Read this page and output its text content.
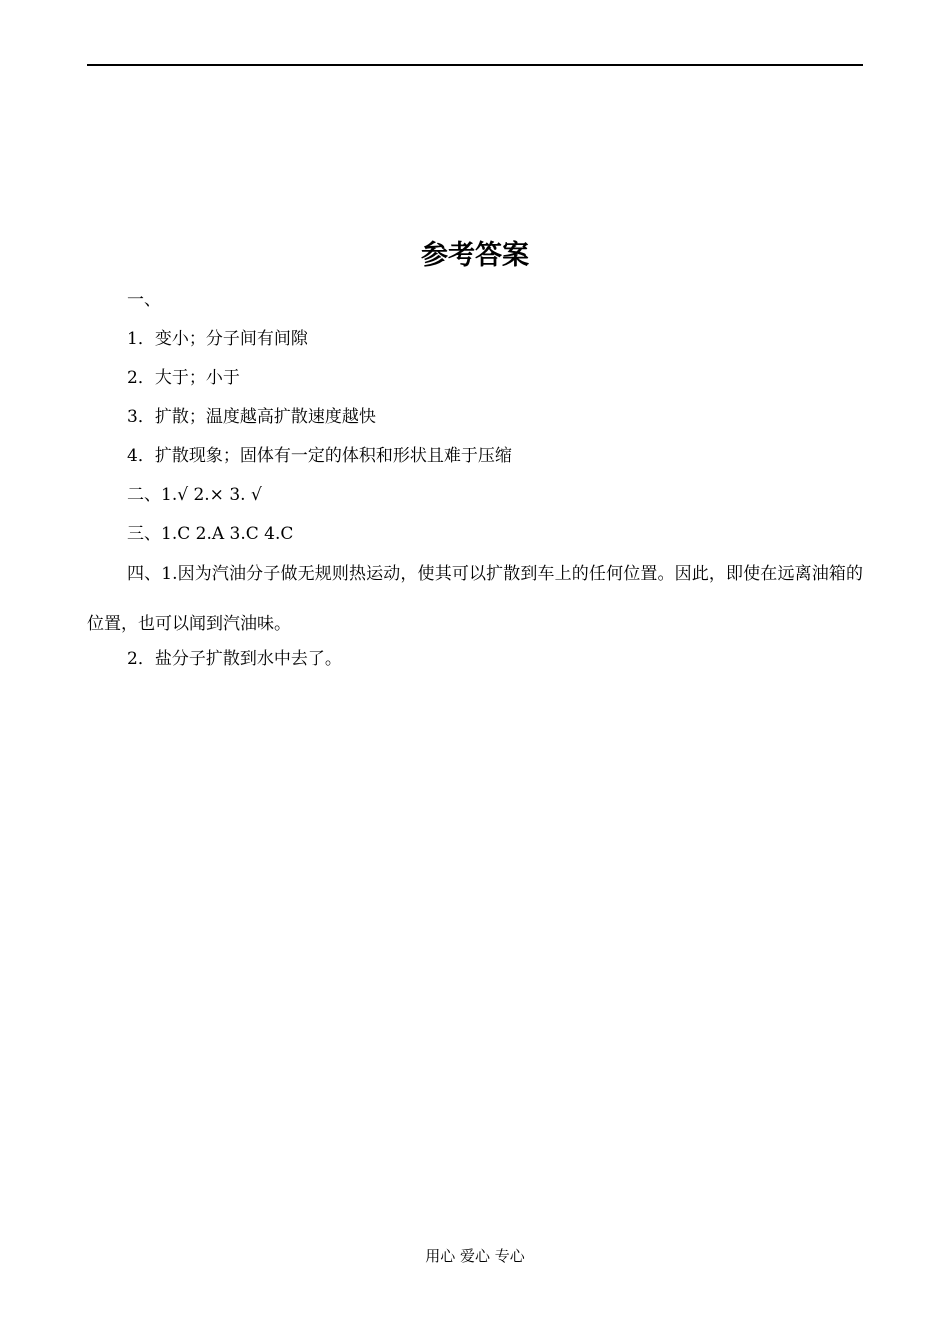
参考答案
一、
1．变小；分子间有间隙
2．大于；小于
3．扩散；温度越高扩散速度越快
4．扩散现象；固体有一定的体积和形状且难于压缩
二、1.√ 2.× 3. √
三、1.C 2.A 3.C 4.C
四、1.因为汽油分子做无规则热运动，使其可以扩散到车上的任何位置。因此，即使在远离油箱的位置，也可以闻到汽油味。
2．盐分子扩散到水中去了。
用心 爱心 专心
